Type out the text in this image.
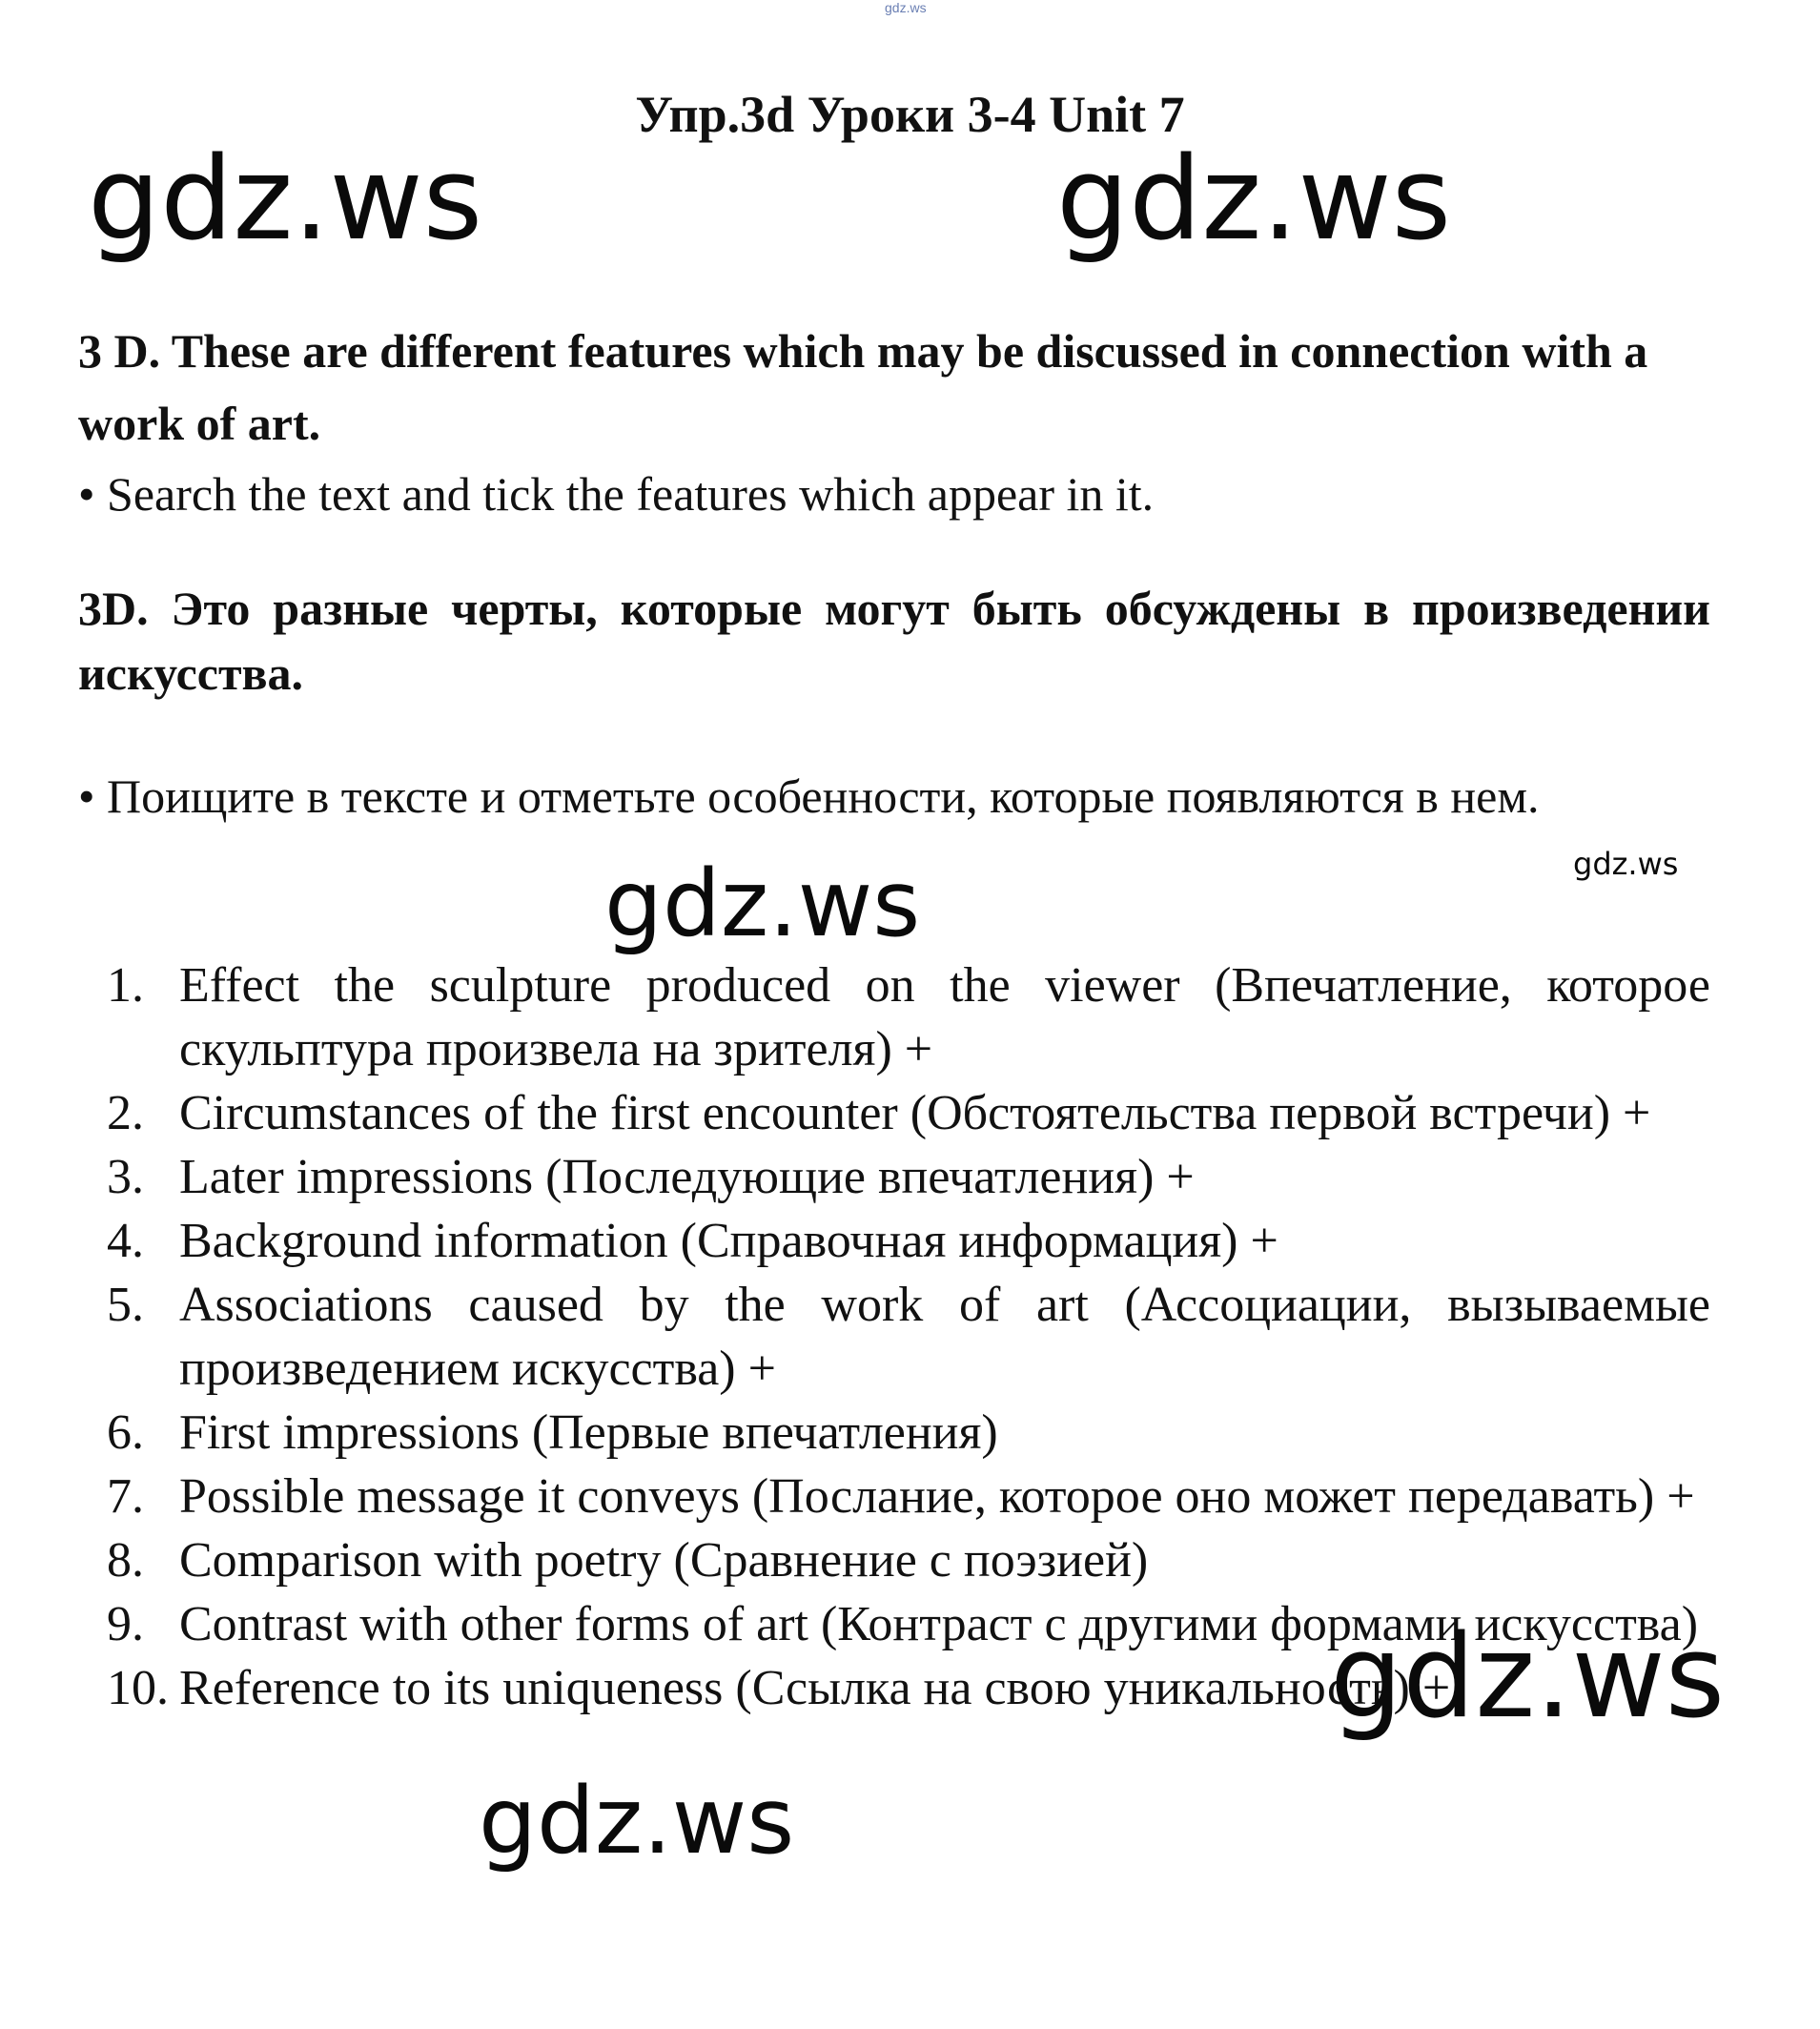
gdz.ws
Упр.3d Уроки 3-4 Unit 7
gdz.ws	gdz.ws
3 D. These are different features which may be discussed in connection with a work of art.
• Search the text and tick the features which appear in it.
3D. Это разные черты, которые могут быть обсуждены в произведении искусства.
• Поищите в тексте и отметьте особенности, которые появляются в нем.
gdz.ws
gdz.ws
1. Effect the sculpture produced on the viewer (Впечатление, которое скульптура произвела на зрителя) +
2. Circumstances of the first encounter (Обстоятельства первой встречи) +
3. Later impressions (Последующие впечатления) +
4. Background information (Справочная информация) +
5. Associations caused by the work of art (Ассоциации, вызываемые произведением искусства) +
6. First impressions (Первые впечатления)
7. Possible message it conveys (Послание, которое оно может передавать) +
8. Comparison with poetry (Сравнение с поэзией)
9. Contrast with other forms of art (Контраст с другими формами искусства)
10. Reference to its uniqueness (Ссылка на свою уникальность) +
gdz.ws
gdz.ws
